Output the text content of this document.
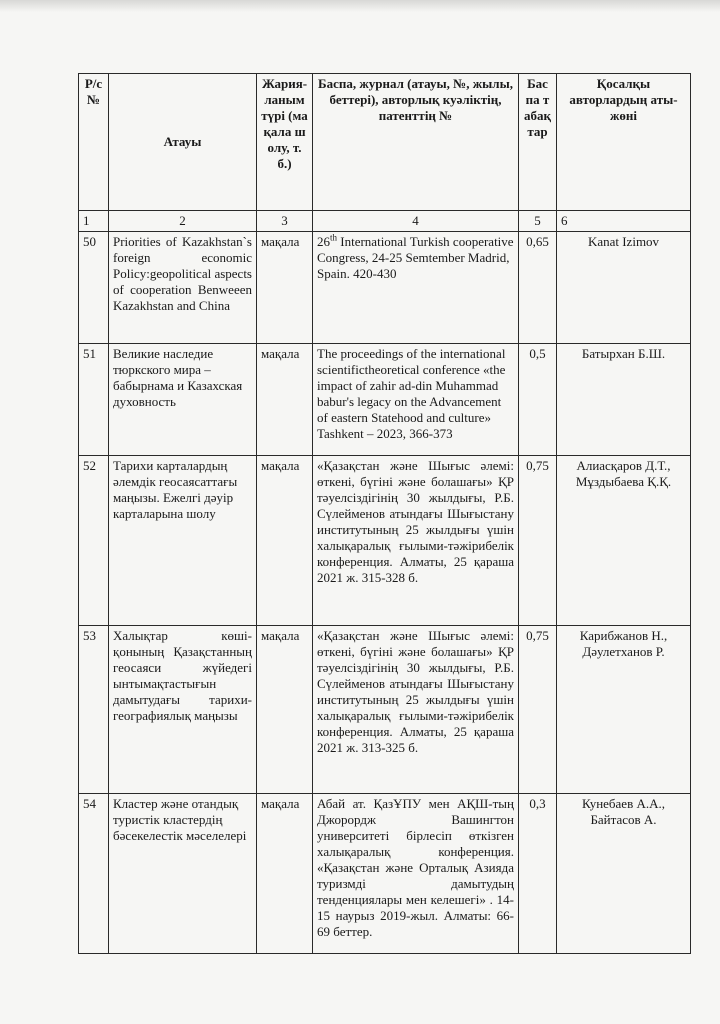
Р/с №	Атауы	Жария-ланым түрі (мақала шолу, т.б.)	Баспа, журнал (атауы, №, жылы, беттері), авторлық куәліктің, патенттің №	Баспа табақтар	Қосалқы авторлардың аты-жөні
1	2	3	4	5	6
50	Priorities of Kazakhstan`s foreign economic Policy:geopolitical aspects of cooperation Benweeen Kazakhstan and China	мақала	26th International Turkish cooperative Congress, 24-25 Semtember Madrid, Spain. 420-430	0,65	Kanat Izimov
51	Великие наследие тюркского мира – бабырнама и Казахская духовность	мақала	The proceedings of the international scientifictheoretical conference «the impact of zahir ad-din Muhammad babur's legacy on the Advancement of eastern Statehood and culture» Tashkent – 2023, 366-373	0,5	Батырхан Б.Ш.
52	Тарихи карталардың әлемдік геосаясаттағы маңызы. Ежелгі дәуір карталарына шолу	мақала	«Қазақстан және Шығыс әлемі: өткені, бүгіні және болашағы» ҚР тәуелсіздігінің 30 жылдығы, Р.Б. Сүлейменов атындағы Шығыстану институтының 25 жылдығы үшін халықаралық ғылыми-тәжірибелік конференция. Алматы, 25 қараша 2021 ж. 315-328 б.	0,75	Алиасқаров Д.Т., Мұздыбаева Қ.Қ.
53	Халықтар көші-қонының Қазақстанның геосаяси жүйедегі ынтымақтастығын дамытудағы тарихи-географиялық маңызы	мақала	«Қазақстан және Шығыс әлемі: өткені, бүгіні және болашағы» ҚР тәуелсіздігінің 30 жылдығы, Р.Б. Сүлейменов атындағы Шығыстану институтының 25 жылдығы үшін халықаралық ғылыми-тәжірибелік конференция. Алматы, 25 қараша 2021 ж. 313-325 б.	0,75	Карибжанов Н., Дәулетханов Р.
54	Кластер және отандық туристік кластердің бәсекелестік мәселелері	мақала	Абай ат. ҚазҰПУ мен АҚШ-тың Джорордж Вашингтон университеті бірлесіп өткізген халықаралық конференция. «Қазақстан және Орталық Азияда туризмді дамытудың тенденциялары мен келешегі» . 14-15 наурыз 2019-жыл. Алматы: 66-69 беттер.	0,3	Кунебаев А.А., Байтасов А.
